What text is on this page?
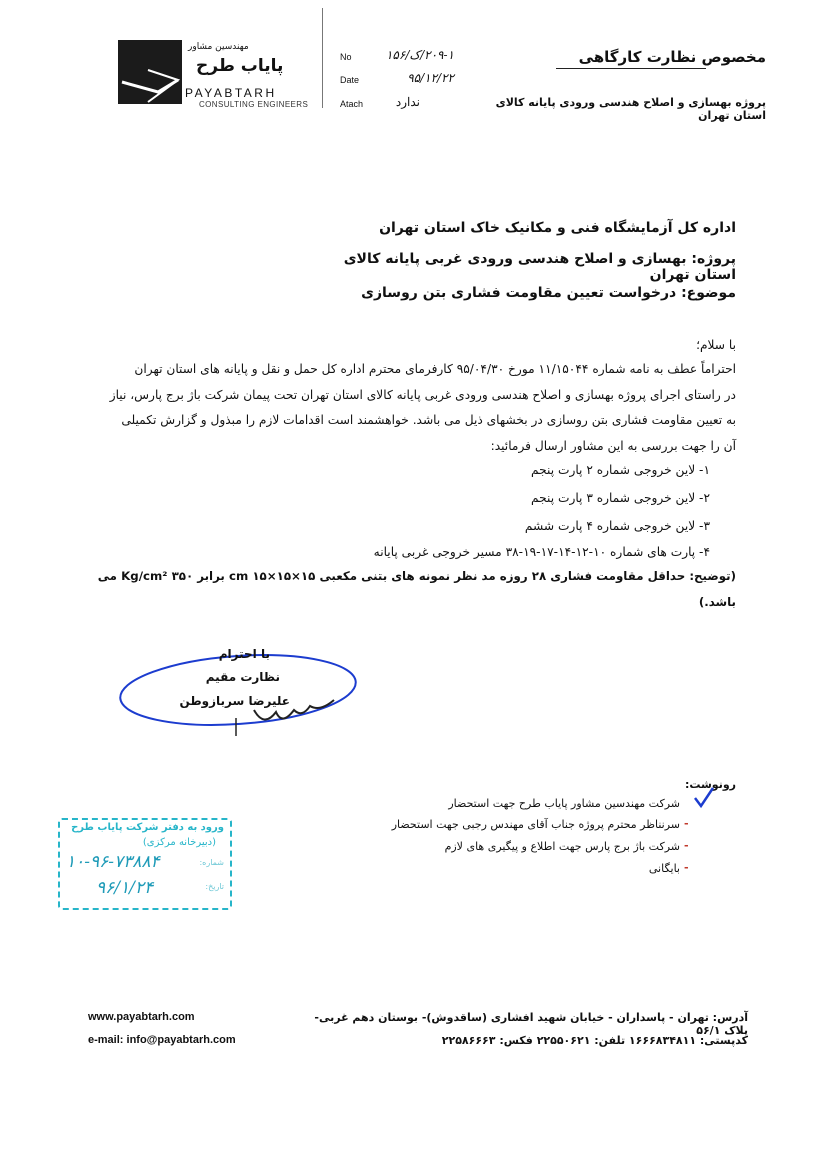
مهندسین مشاور
پایاب طرح
PAYABTARH
CONSULTING ENGINEERS
No	۲۰۹-۱/ک/۱۵۶
Date	۹۵/۱۲/۲۲
Atach	ندارد
مخصوص نظارت کارگاهی
پروژه بهسازی و اصلاح هندسی ورودی پایانه کالای استان تهران
اداره کل آزمایشگاه فنی و مکانیک خاک استان تهران
پروژه: بهسازی و اصلاح هندسی ورودی غربی پایانه کالای استان تهران
موضوع: درخواست تعیین مقاومت فشاری بتن روسازی
با سلام؛
احتراماً عطف به نامه شماره ۱۱/۱۵۰۴۴ مورخ ۹۵/۰۴/۳۰ کارفرمای محترم اداره کل حمل و نقل و پایانه های استان تهران
در راستای اجرای پروژه بهسازی و اصلاح هندسی ورودی غربی پایانه کالای استان تهران تحت پیمان شرکت باژ برج پارس، نیاز
به تعیین مقاومت فشاری بتن روسازی در بخشهای ذیل می باشد. خواهشمند است اقدامات لازم را مبذول و گزارش تکمیلی
آن را جهت بررسی به این مشاور ارسال فرمائید:
۱- لاین خروجی شماره ۲ پارت پنجم
۲- لاین خروجی شماره ۳ پارت پنجم
۳- لاین خروجی شماره ۴ پارت ششم
۴- پارت های شماره ۱۰-۱۲-۱۴-۱۷-۱۹-۳۸ مسیر خروجی غربی پایانه
(توضیح: حداقل مقاومت فشاری ۲۸ روزه مد نظر نمونه های بتنی مکعبی cm ۱۵×۱۵×۱۵ برابر Kg/cm² ۳۵۰ می باشد.)
با احترام
نظارت مقیم
علیرضا سربازوطن
رونوشت:
شرکت مهندسین مشاور پایاب طرح جهت استحضار
-
سرنناظر محترم پروژه جناب آقای مهندس رجبی جهت استحضار
-
شرکت باژ برج پارس جهت اطلاع و پیگیری های لازم
-
بایگانی
ورود به دفتر شرکت پایاب طرح
(دبیرخانه مرکزی)
شماره:
۱۰-۹۶-۷۳۸۸۴
تاریخ:
۹۶/۱/۲۴
www.payabtarh.com
e-mail: info@payabtarh.com
آدرس: تهران - پاسداران - خیابان شهید افشاری (ساقدوش)- بوستان دهم غربی- پلاک ۵۶/۱
کدپستی: ۱۶۶۶۸۳۴۸۱۱ تلفن: ۲۲۵۵۰۶۲۱ فکس: ۲۲۵۸۶۶۶۳
